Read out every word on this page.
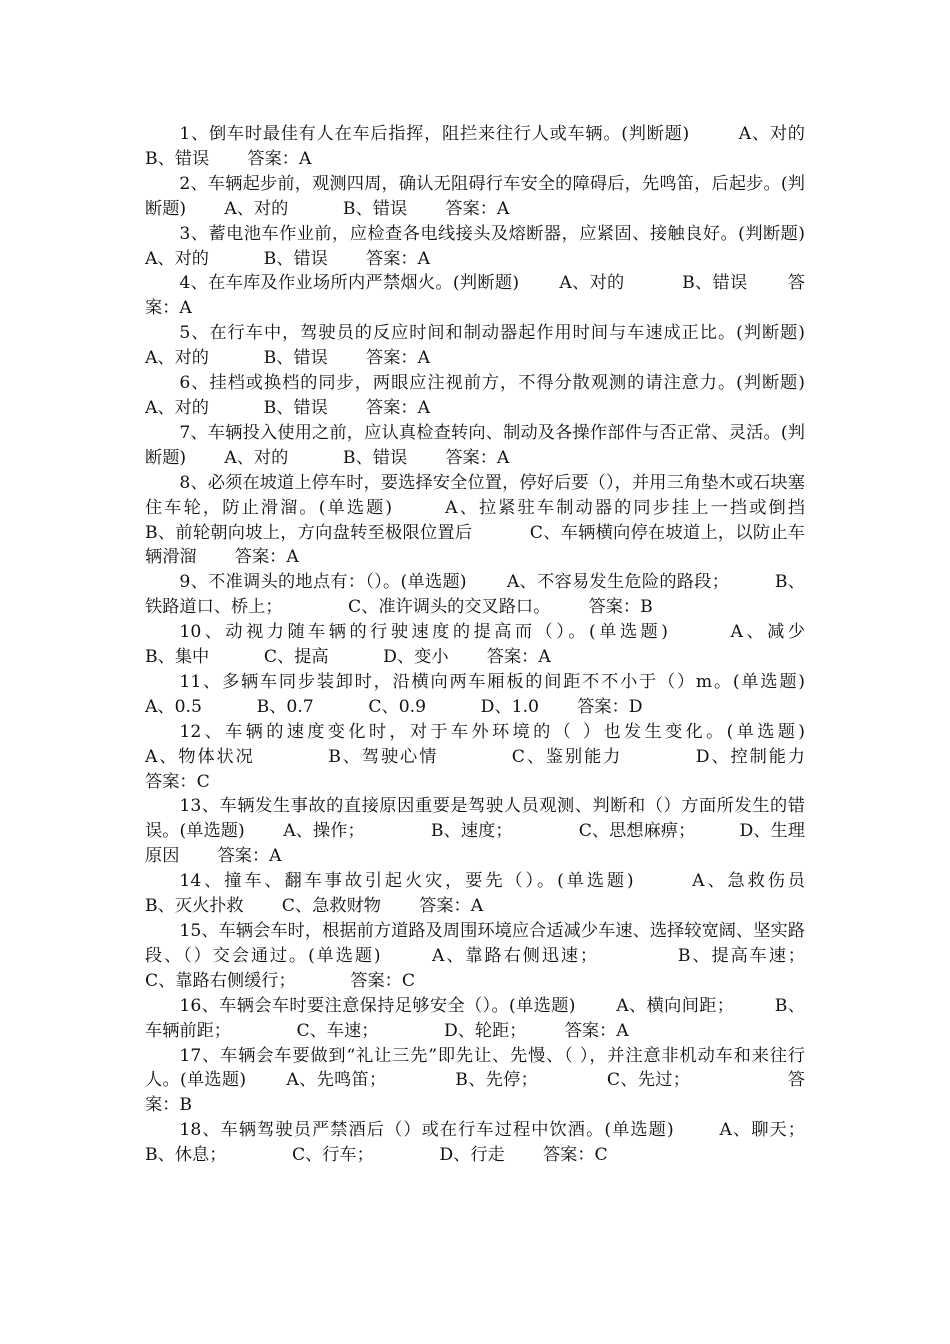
1、倒车时最佳有人在车后指挥，阻拦来往行人或车辆。(判断题)        A、对的          B、错误       答案：A

2、车辆起步前，观测四周，确认无阻碍行车安全的障碍后，先鸣笛，后起步。(判断题)       A、对的          B、错误       答案：A

3、蓄电池车作业前，应检查各电线接头及熔断器，应紧固、接触良好。(判断题)       A、对的          B、错误       答案：A

4、在车库及作业场所内严禁烟火。(判断题)       A、对的          B、错误       答案：A

5、在行车中，驾驶员的反应时间和制动器起作用时间与车速成正比。(判断题)       A、对的          B、错误       答案：A

6、挂档或换档的同步，两眼应注视前方，不得分散观测的请注意力。(判断题)       A、对的          B、错误       答案：A

7、车辆投入使用之前，应认真检查转向、制动及各操作部件与否正常、灵活。(判断题)       A、对的          B、错误       答案：A

8、必须在坡道上停车时，要选择安全位置，停好后要（），并用三角垫木或石块塞住车轮，防止滑溜。(单选题)       A、拉紧驻车制动器的同步挂上一挡或倒挡          B、前轮朝向坡上，方向盘转至极限位置后          C、车辆横向停在坡道上，以防止车辆滑溜       答案：A

9、不准调头的地点有：（）。(单选题)       A、不容易发生危险的路段；        B、铁路道口、桥上；            C、准许调头的交叉路口。       答案：B

10、动视力随车辆的行驶速度的提高而（）。(单选题)       A、减少                  B、集中          C、提高          D、变小       答案：A

11、多辆车同步装卸时，沿横向两车厢板的间距不不小于（）m。(单选题)       A、0.5          B、0.7          C、0.9          D、1.0       答案：D

12、车辆的速度变化时，对于车外环境的（ ）也发生变化。(单选题)                     A、物体状况          B、驾驶心情          C、鉴别能力          D、控制能力                      答案：C

13、车辆发生事故的直接原因重要是驾驶人员观测、判断和（）方面所发生的错误。(单选题)       A、操作；            B、速度；            C、思想麻痹；        D、生理原因       答案：A

14、撞车、翻车事故引起火灾，要先（）。(单选题)       A、急救伤员                    B、灭火扑救       C、急救财物       答案：A

15、车辆会车时，根据前方道路及周围环境应合适减少车速、选择较宽阔、坚实路段、（）交会通过。(单选题)       A、靠路右侧迅速；           B、提高车速；           C、靠路右侧缓行；          答案：C

16、车辆会车时要注意保持足够安全（）。(单选题)       A、横向间距；       B、车辆前距；            C、车速；            D、轮距；       答案：A

17、车辆会车要做到“礼让三先”即先让、先慢、（ ），并注意非机动车和来往行人。(单选题)       A、先鸣笛；            B、先停；            C、先过；                 答案：B

18、车辆驾驶员严禁酒后（）或在行车过程中饮酒。(单选题)       A、聊天；       B、休息；            C、行车；            D、行走       答案：C
